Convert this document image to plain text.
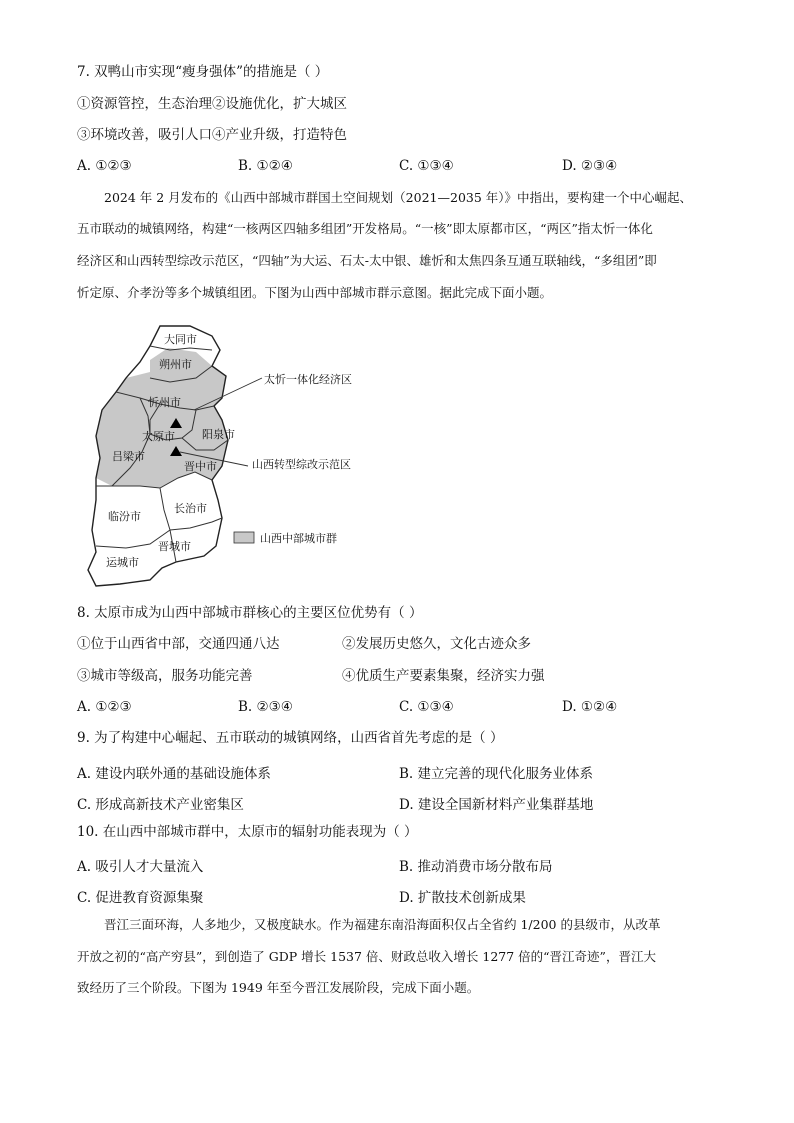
7. 双鸭山市实现“瘦身强体”的措施是（ ）
①资源管控，生态治理②设施优化，扩大城区
③环境改善，吸引人口④产业升级，打造特色
A. ①②③	B. ①②④	C. ①③④	D. ②③④
2024 年 2 月发布的《山西中部城市群国土空间规划（2021—2035 年）》中指出，要构建一个中心崛起、
五市联动的城镇网络，构建“一核两区四轴多组团”开发格局。“一核”即太原都市区，“两区”指太忻一体化
经济区和山西转型综改示范区，“四轴”为大运、石太-太中银、雄忻和太焦四条互通互联轴线，“多组团”即
忻定原、介孝汾等多个城镇组团。下图为山西中部城市群示意图。据此完成下面小题。
大同市
朔州市
忻州市
太原市 阳泉市
吕梁市
晋中市
临汾市
长治市
晋城市
运城市
太忻一体化经济区
山西转型综改示范区
山西中部城市群
8. 太原市成为山西中部城市群核心的主要区位优势有（ ）
①位于山西省中部，交通四通八达	②发展历史悠久，文化古迹众多
③城市等级高，服务功能完善	④优质生产要素集聚，经济实力强
A. ①②③	B. ②③④	C. ①③④	D. ①②④
9. 为了构建中心崛起、五市联动的城镇网络，山西省首先考虑的是（ ）
A. 建设内联外通的基础设施体系	B. 建立完善的现代化服务业体系
C. 形成高新技术产业密集区	D. 建设全国新材料产业集群基地
10. 在山西中部城市群中，太原市的辐射功能表现为（ ）
A. 吸引人才大量流入	B. 推动消费市场分散布局
C. 促进教育资源集聚	D. 扩散技术创新成果
晋江三面环海，人多地少，又极度缺水。作为福建东南沿海面积仅占全省约 1/200 的县级市，从改革
开放之初的“高产穷县”，到创造了 GDP 增长 1537 倍、财政总收入增长 1277 倍的“晋江奇迹”，晋江大
致经历了三个阶段。下图为 1949 年至今晋江发展阶段，完成下面小题。
